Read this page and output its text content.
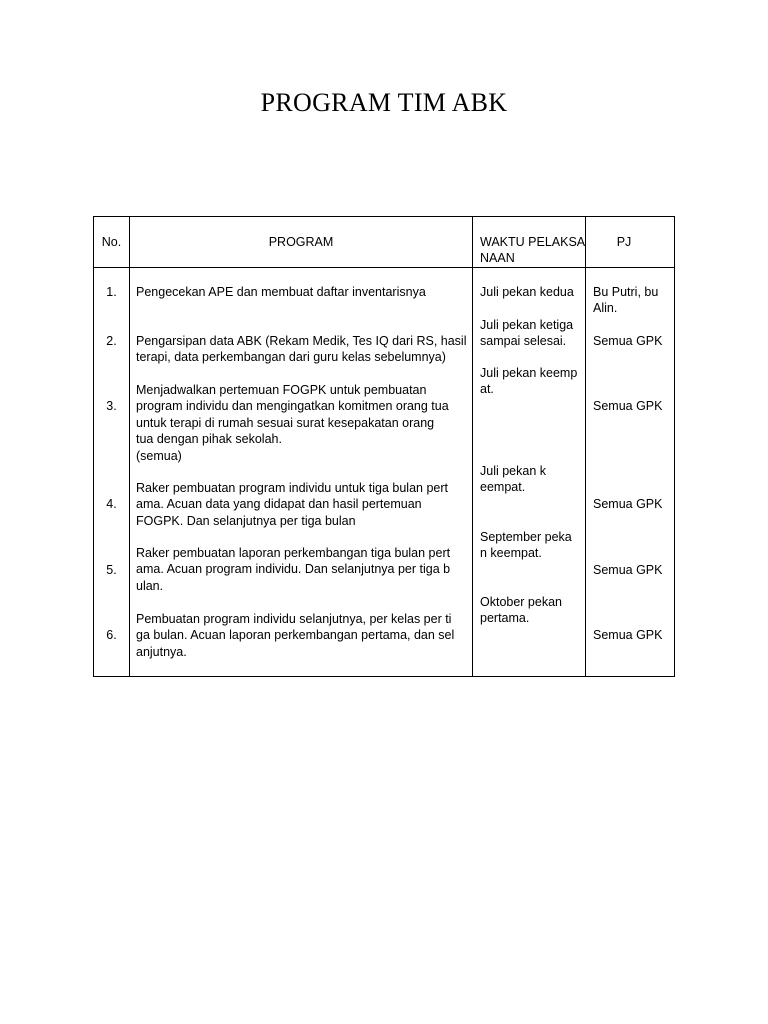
PROGRAM TIM ABK
No.	PROGRAM	WAKTU PELAKSA
NAAN
PJ
1.
2.
3.
4.
5.
6.
Pengecekan APE dan membuat daftar inventarisnya
Pengarsipan data ABK (Rekam Medik, Tes IQ dari RS, hasil
terapi, data perkembangan dari guru kelas sebelumnya)
Menjadwalkan pertemuan FOGPK untuk pembuatan
program individu dan mengingatkan komitmen orang tua
untuk terapi di rumah sesuai surat kesepakatan orang
tua dengan pihak sekolah.
(semua)
Raker pembuatan program individu untuk tiga bulan pert
ama. Acuan data yang didapat dan hasil pertemuan
FOGPK. Dan selanjutnya per tiga bulan
Raker pembuatan laporan perkembangan tiga bulan pert
ama. Acuan program individu. Dan selanjutnya per tiga b
ulan.
Pembuatan program individu selanjutnya, per kelas per ti
ga bulan. Acuan laporan perkembangan pertama, dan sel
anjutnya.
Juli pekan kedua
Juli pekan ketiga
sampai selesai.
Juli pekan keemp
at.
Juli pekan k
eempat.
September peka
n keempat.
Oktober pekan
pertama.
Bu Putri, bu
Alin.
Semua GPK
Semua GPK
Semua GPK
Semua GPK
Semua GPK
